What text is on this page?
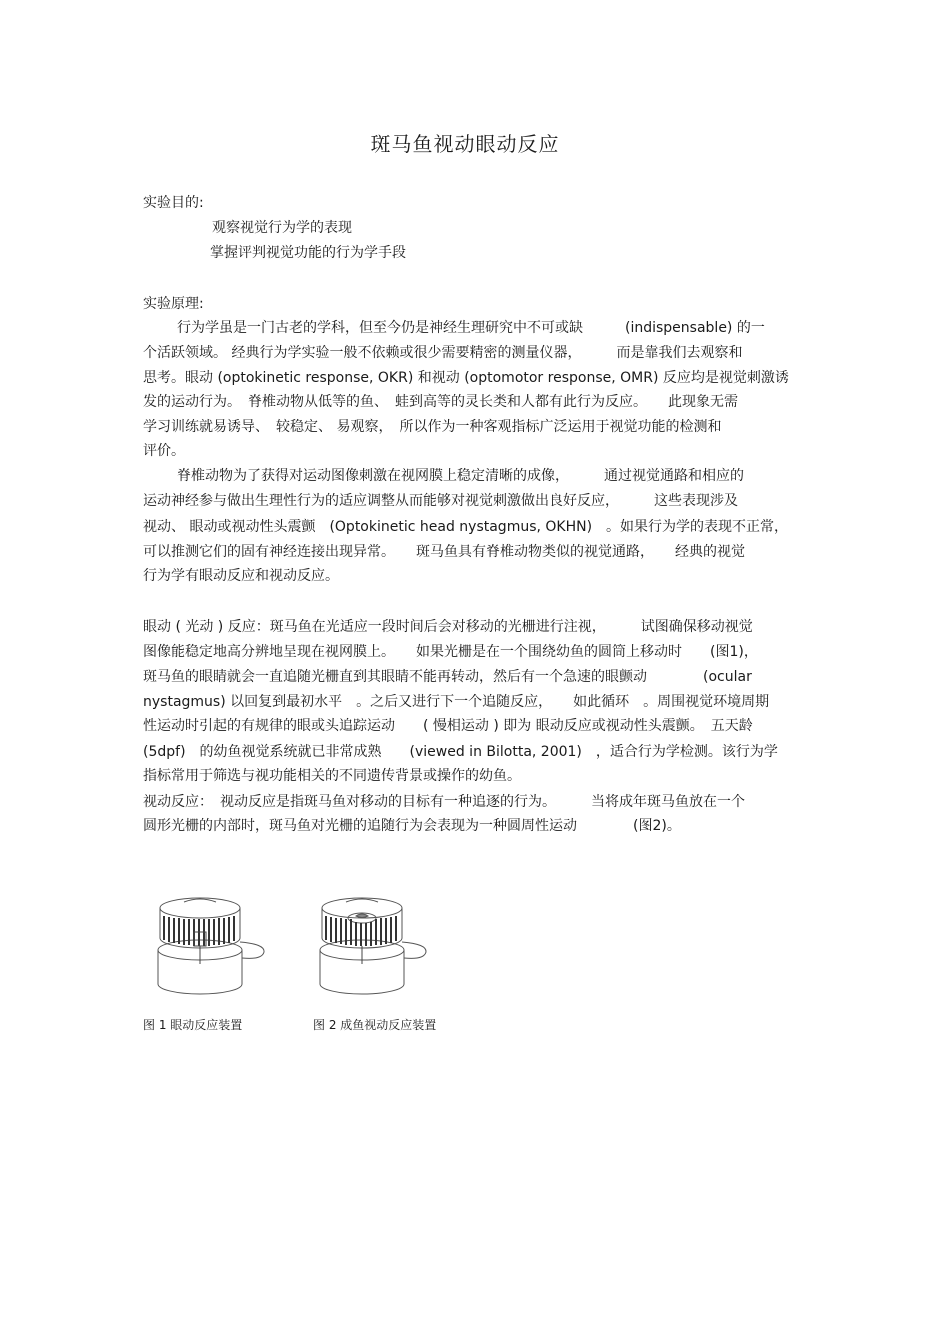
斑马鱼视动眼动反应
实验目的:
观察视觉行为学的表现
掌握评判视觉功能的行为学手段
实验原理:
行为学虽是一门古老的学科，但至今仍是神经生理研究中不可或缺　　　(indispensable) 的一
个活跃领域。 经典行为学实验一般不依赖或很少需要精密的测量仪器，　　　而是靠我们去观察和
思考。眼动 (optokinetic response, OKR) 和视动 (optomotor response, OMR) 反应均是视觉刺激诱
发的运动行为。　脊椎动物从低等的鱼、　蛙到高等的灵长类和人都有此行为反应。　　此现象无需
学习训练就易诱导、　较稳定、 易观察，　所以作为一种客观指标广泛运用于视觉功能的检测和
评价。
脊椎动物为了获得对运动图像刺激在视网膜上稳定清晰的成像，　　　通过视觉通路和相应的
运动神经参与做出生理性行为的适应调整从而能够对视觉刺激做出良好反应，　　　这些表现涉及
视动、 眼动或视动性头震颤　(Optokinetic head nystagmus, OKHN)　。如果行为学的表现不正常，
可以推测它们的固有神经连接出现异常。　　斑马鱼具有脊椎动物类似的视觉通路，　　经典的视觉
行为学有眼动反应和视动反应。
眼动 ( 光动 ) 反应：斑马鱼在光适应一段时间后会对移动的光栅进行注视，　　　试图确保移动视觉
图像能稳定地高分辨地呈现在视网膜上。　　如果光栅是在一个围绕幼鱼的圆筒上移动时　　(图1)，
斑马鱼的眼睛就会一直追随光栅直到其眼睛不能再转动，然后有一个急速的眼颤动　　　　(ocular
nystagmus) 以回复到最初水平　。之后又进行下一个追随反应，　　如此循环　。周围视觉环境周期
性运动时引起的有规律的眼或头追踪运动　　( 慢相运动 ) 即为 眼动反应或视动性头震颤。　五天龄
(5dpf)　的幼鱼视觉系统就已非常成熟　　(viewed in Bilotta, 2001)　，适合行为学检测。该行为学
指标常用于筛选与视功能相关的不同遗传背景或操作的幼鱼。
视动反应：　视动反应是指斑马鱼对移动的目标有一种追逐的行为。　　　当将成年斑马鱼放在一个
圆形光栅的内部时，斑马鱼对光栅的追随行为会表现为一种圆周性运动　　　　(图2)。
图 1 眼动反应装置	图 2 成鱼视动反应装置
